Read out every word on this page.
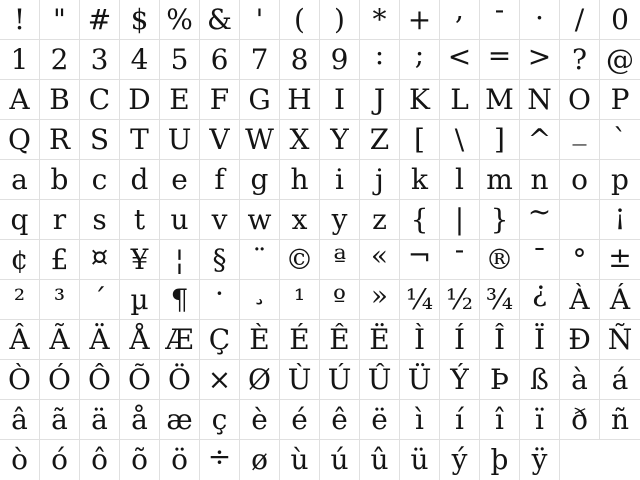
! " # $ % & ' ( ) * + , - . / 0
1 2 3 4 5 6 7 8 9 : ; < = > ? @
A B C D E F G H I J K L M N O P
Q R S T U V W X Y Z [ \ ] ^ _ `
a b c d e f g h i j k l m n o p
q r s t u v w x y z { | } ~ ¡
¢ £ ¤ ¥ ¦ § ¨ © ª « ¬ - ® ¯ ° ±
² ³ ´ µ ¶ · ¸ ¹ º » ¼ ½ ¾ ¿ À Á
Â Ã Ä Å Æ Ç È É Ê Ë Ì Í Î Ï Ð Ñ
Ò Ó Ô Õ Ö × Ø Ù Ú Û Ü Ý Þ ß à á
â ã ä å æ ç è é ê ë ì í î ï ð ñ
ò ó ô õ ö ÷ ø ù ú û ü ý þ ÿ
